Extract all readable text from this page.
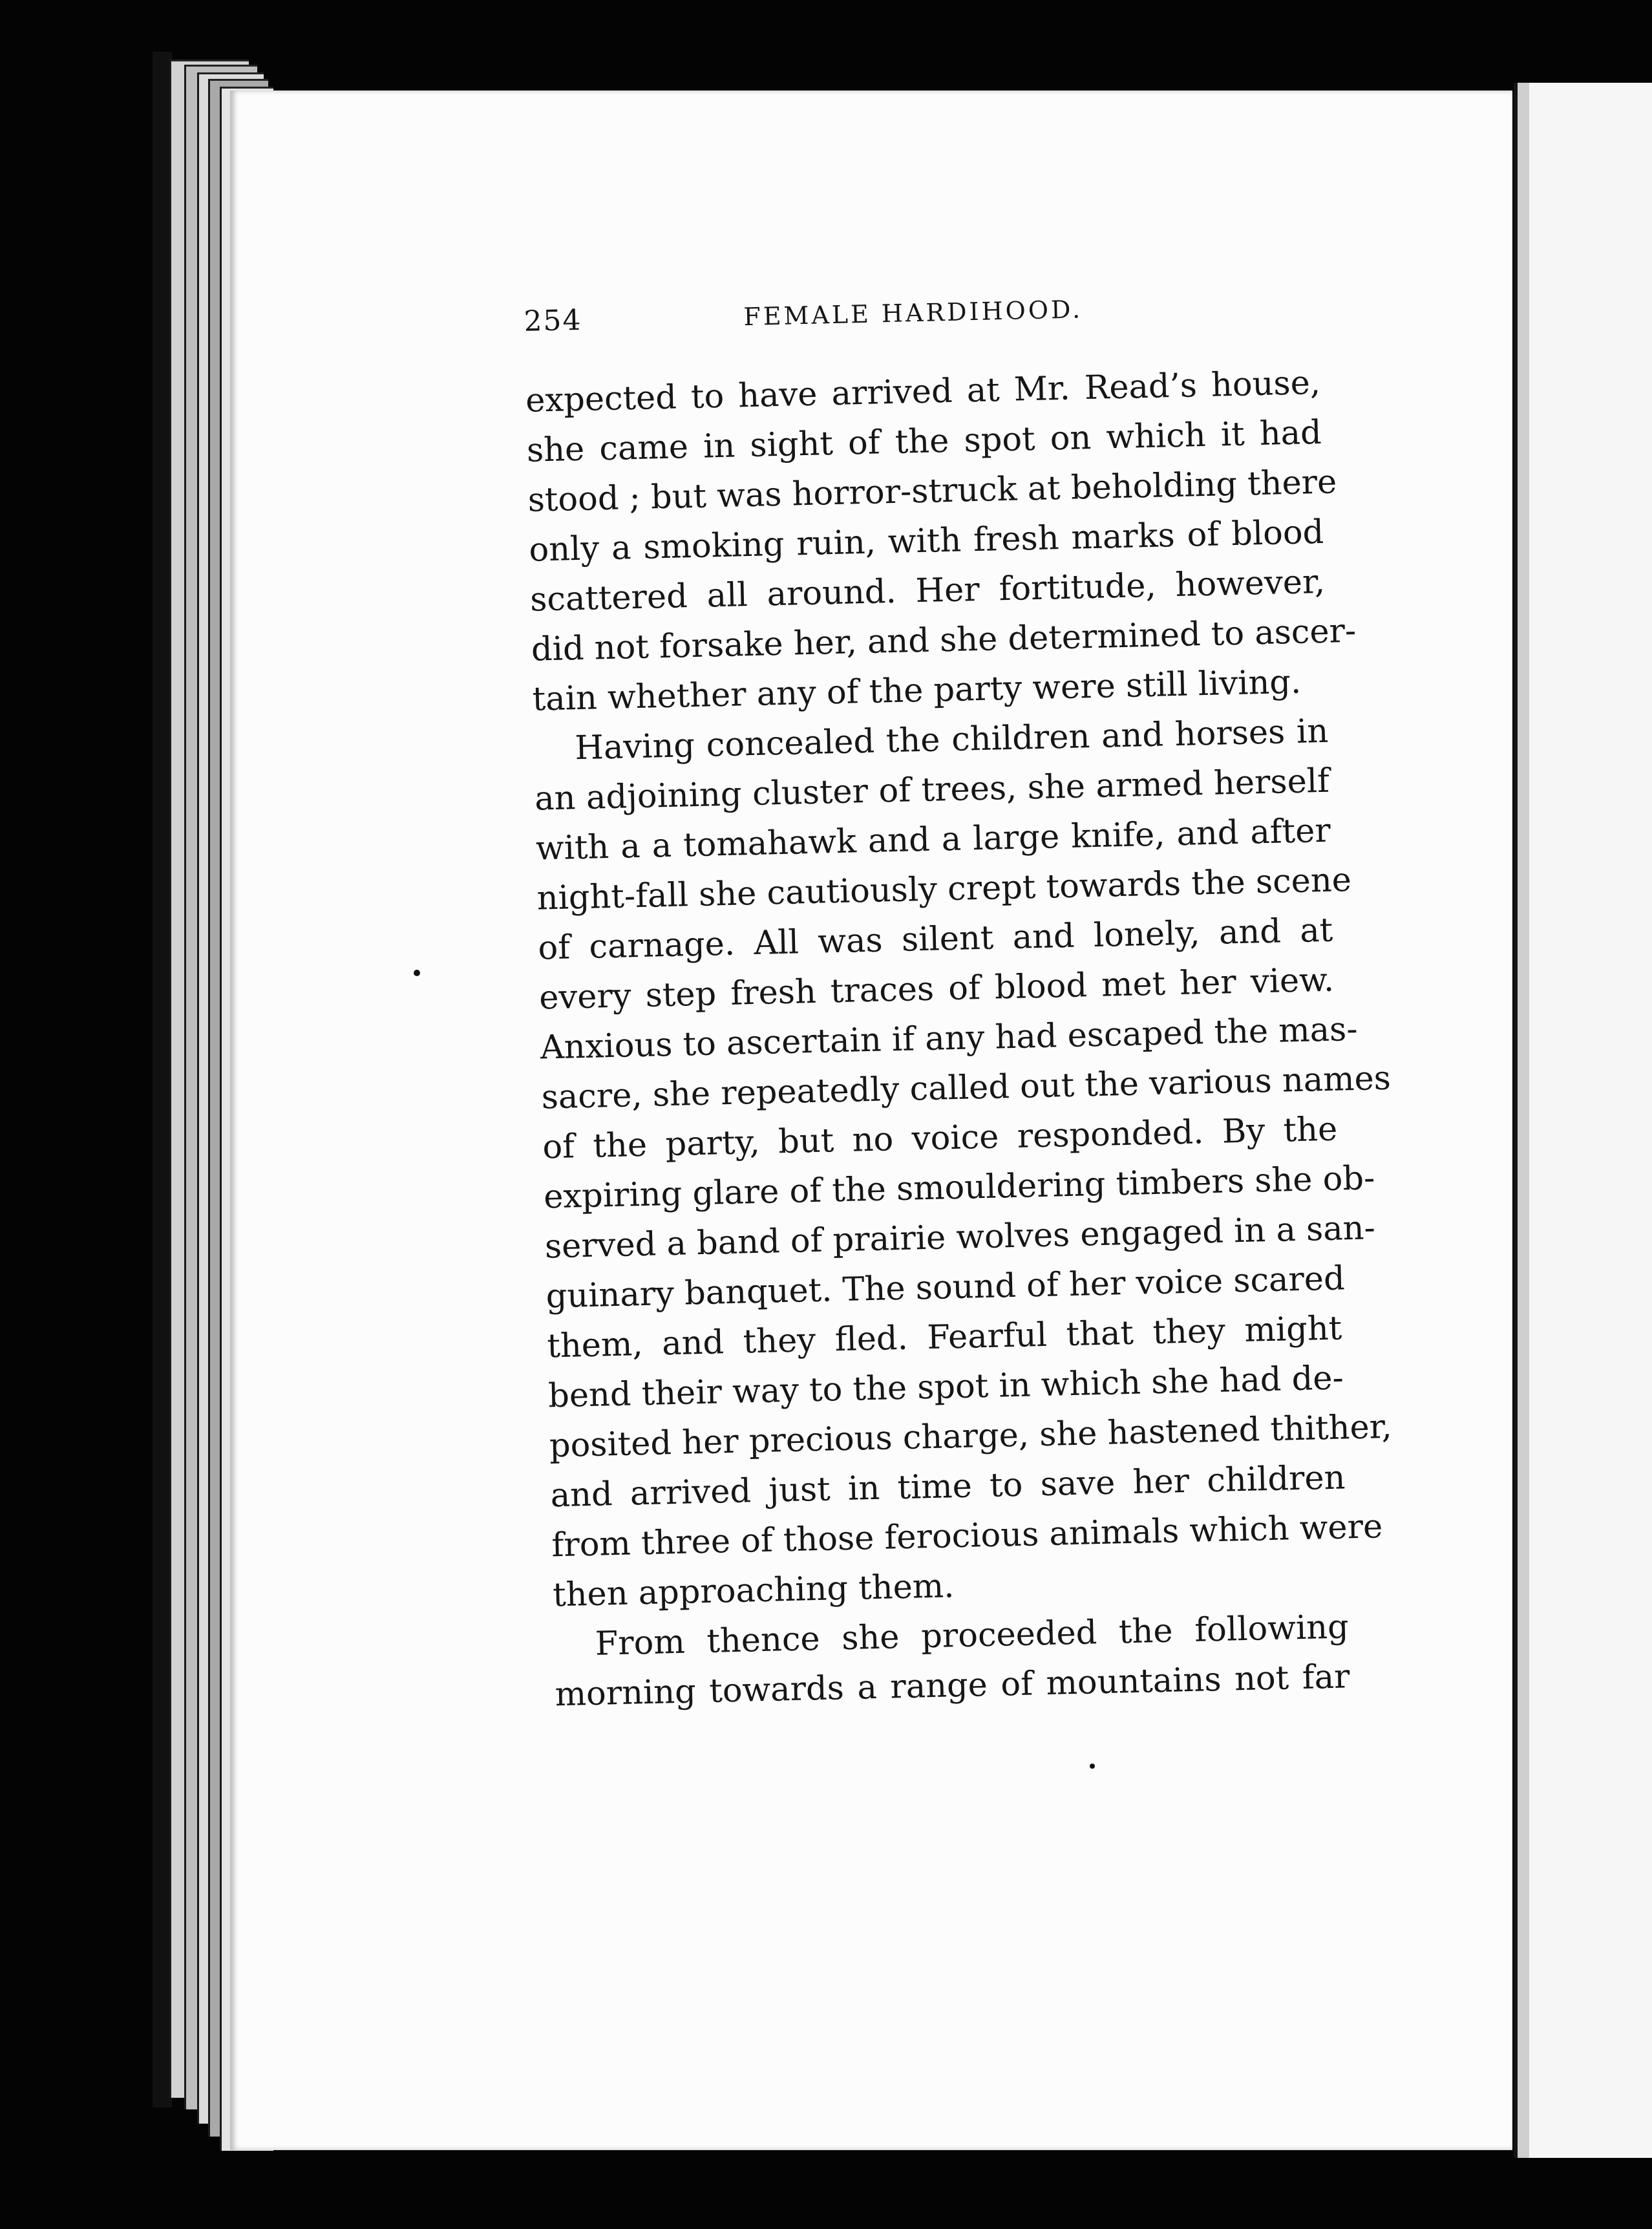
254	FEMALE HARDIHOOD.
expected to have arrived at Mr. Read’s house,
she came in sight of the spot on which it had
stood ; but was horror-struck at beholding there
only a smoking ruin, with fresh marks of blood
scattered all around. Her fortitude, however,
did not forsake her, and she determined to ascer-
tain whether any of the party were still living.
Having concealed the children and horses in
an adjoining cluster of trees, she armed herself
with a a tomahawk and a large knife, and after
night-fall she cautiously crept towards the scene
of carnage. All was silent and lonely, and at
every step fresh traces of blood met her view.
Anxious to ascertain if any had escaped the mas-
sacre, she repeatedly called out the various names
of the party, but no voice responded. By the
expiring glare of the smouldering timbers she ob-
served a band of prairie wolves engaged in a san-
guinary banquet. The sound of her voice scared
them, and they fled. Fearful that they might
bend their way to the spot in which she had de-
posited her precious charge, she hastened thither,
and arrived just in time to save her children
from three of those ferocious animals which were
then approaching them.
From thence she proceeded the following
morning towards a range of mountains not far
